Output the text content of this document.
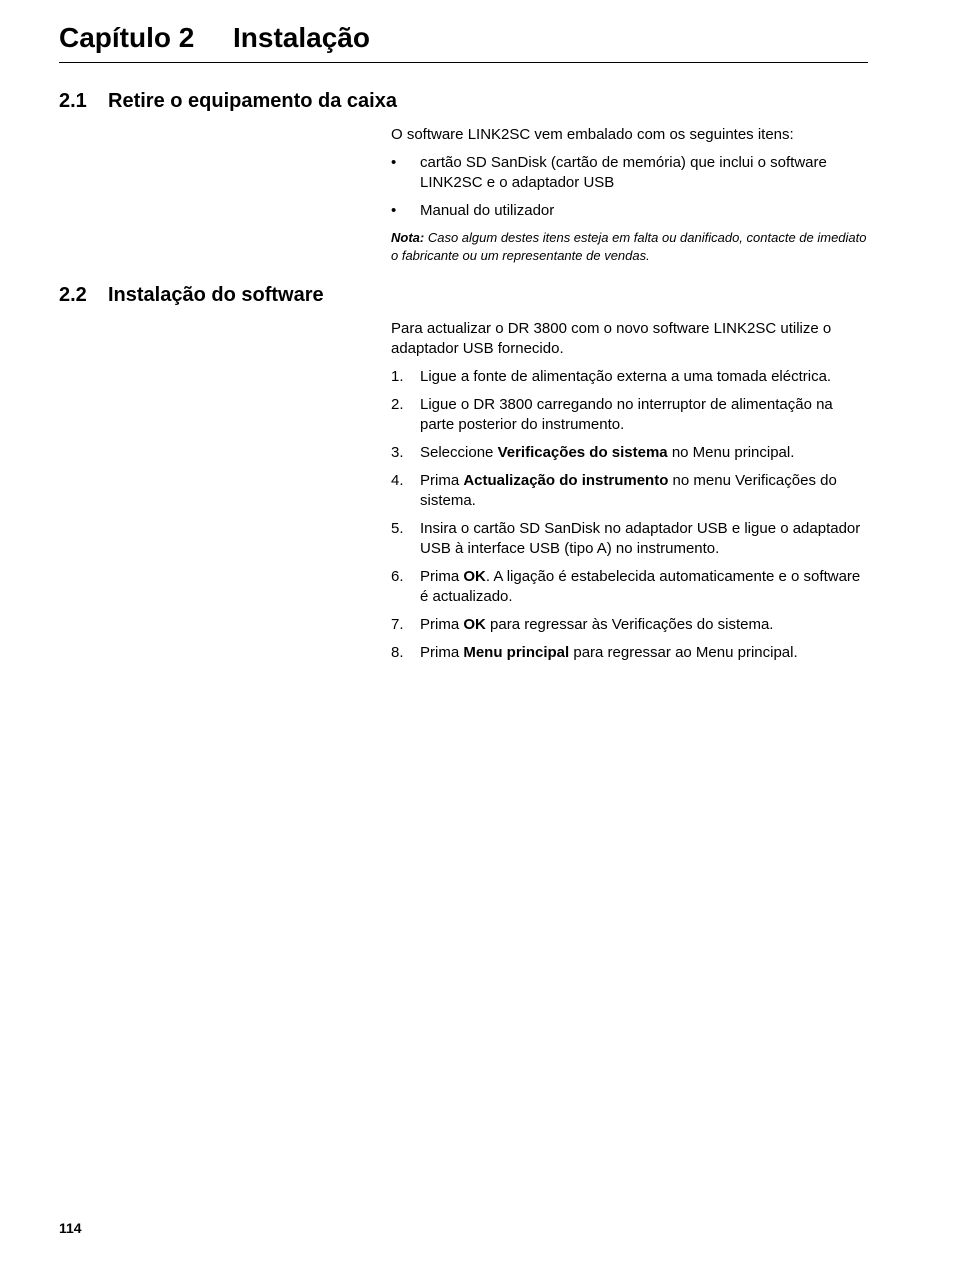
Capítulo 2 Instalação
2.1 Retire o equipamento da caixa

O software LINK2SC vem embalado com os seguintes itens:

• cartão SD SanDisk (cartão de memória) que inclui o software LINK2SC e o adaptador USB
• Manual do utilizador

Nota: Caso algum destes itens esteja em falta ou danificado, contacte de imediato o fabricante ou um representante de vendas.

2.2 Instalação do software

Para actualizar o DR 3800 com o novo software LINK2SC utilize o adaptador USB fornecido.

1. Ligue a fonte de alimentação externa a uma tomada eléctrica.
2. Ligue o DR 3800 carregando no interruptor de alimentação na parte posterior do instrumento.
3. Seleccione Verificações do sistema no Menu principal.
4. Prima Actualização do instrumento no menu Verificações do sistema.
5. Insira o cartão SD SanDisk no adaptador USB e ligue o adaptador USB à interface USB (tipo A) no instrumento.
6. Prima OK. A ligação é estabelecida automaticamente e o software é actualizado.
7. Prima OK para regressar às Verificações do sistema.
8. Prima Menu principal para regressar ao Menu principal.
114
